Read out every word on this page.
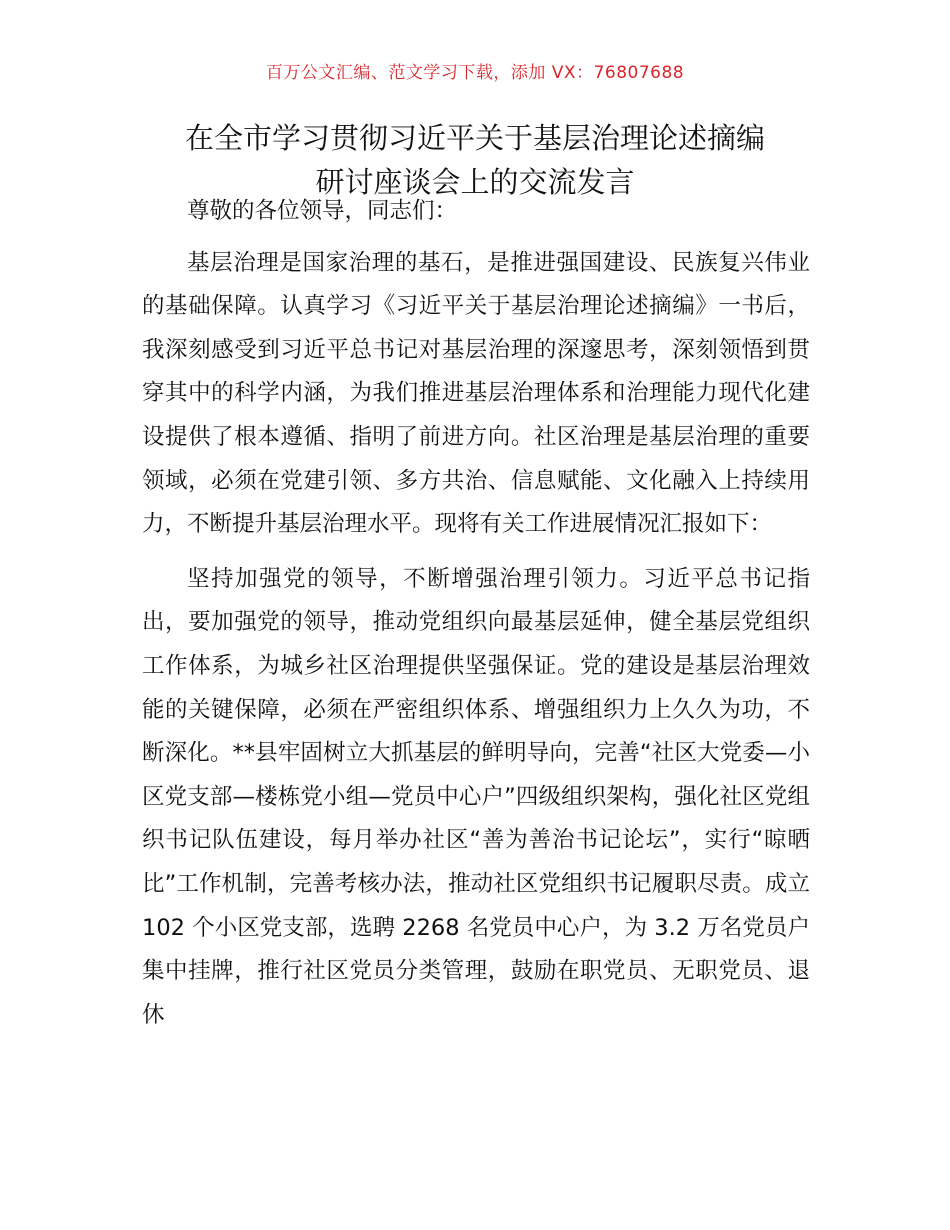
百万公文汇编、范文学习下载，添加 VX：76807688
在全市学习贯彻习近平关于基层治理论述摘编
研讨座谈会上的交流发言

尊敬的各位领导，同志们：

基层治理是国家治理的基石，是推进强国建设、民族复兴伟业的基础保障。认真学习《习近平关于基层治理论述摘编》一书后，我深刻感受到习近平总书记对基层治理的深邃思考，深刻领悟到贯穿其中的科学内涵，为我们推进基层治理体系和治理能力现代化建设提供了根本遵循、指明了前进方向。社区治理是基层治理的重要领域，必须在党建引领、多方共治、信息赋能、文化融入上持续用力，不断提升基层治理水平。现将有关工作进展情况汇报如下：

坚持加强党的领导，不断增强治理引领力。习近平总书记指出，要加强党的领导，推动党组织向最基层延伸，健全基层党组织工作体系，为城乡社区治理提供坚强保证。党的建设是基层治理效能的关键保障，必须在严密组织体系、增强组织力上久久为功，不断深化。**县牢固树立大抓基层的鲜明导向，完善“社区大党委—小区党支部—楼栋党小组—党员中心户”四级组织架构，强化社区党组织书记队伍建设，每月举办社区“善为善治书记论坛”，实行“晾晒比”工作机制，完善考核办法，推动社区党组织书记履职尽责。成立 102 个小区党支部，选聘 2268 名党员中心户，为 3.2 万名党员户集中挂牌，推行社区党员分类管理，鼓励在职党员、无职党员、退休
